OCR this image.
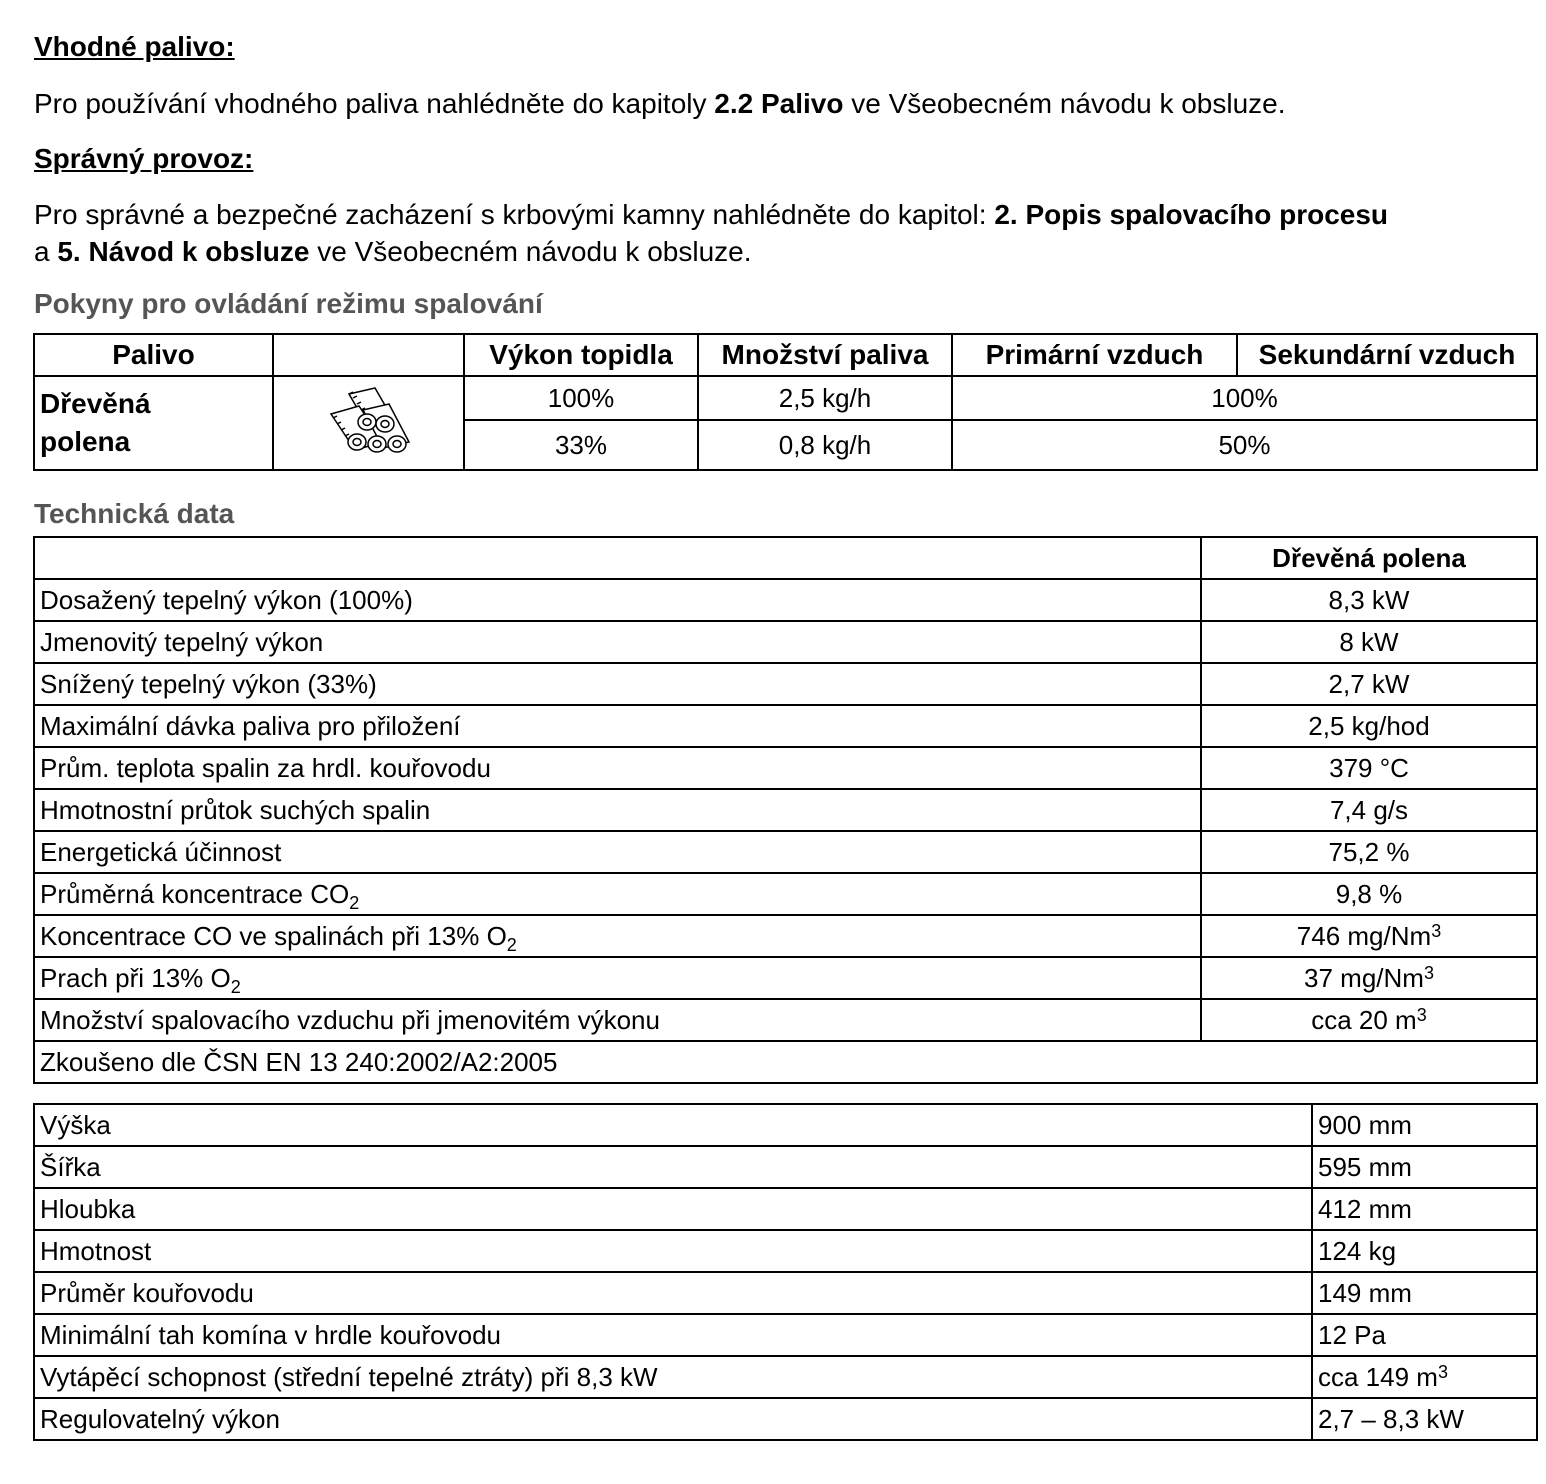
Vhodné palivo:
Pro používání vhodného paliva nahlédněte do kapitoly 2.2 Palivo ve Všeobecném návodu k obsluze.
Správný provoz:
Pro správné a bezpečné zacházení s krbovými kamny nahlédněte do kapitol: 2. Popis spalovacího procesu
a 5. Návod k obsluze ve Všeobecném návodu k obsluze.
Pokyny pro ovládání režimu spalování
Palivo		Výkon topidla	Množství paliva	Primární vzduch	Sekundární vzduch
Dřevěná
polena		100%	2,5 kg/h	100%	
		33%	0,8 kg/h	50%	
Technická data
	Dřevěná polena
Dosažený tepelný výkon (100%)	8,3 kW
Jmenovitý tepelný výkon	8 kW
Snížený tepelný výkon (33%)	2,7 kW
Maximální dávka paliva pro přiložení	2,5 kg/hod
Prům. teplota spalin za hrdl. kouřovodu	379 °C
Hmotnostní průtok suchých spalin	7,4 g/s
Energetická účinnost	75,2 %
Průměrná koncentrace $CO_2$	9,8 %
Koncentrace CO ve spalinách při 13% $O_2$	746 mg/Nm$^3$
Prach při 13% $O_2$	37 mg/Nm$^3$
Množství spalovacího vzduchu při jmenovitém výkonu	cca 20 $m^3$
Zkoušeno dle ČSN EN 13 240:2002/A2:2005	
Výška	900 mm
Šířka	595 mm
Hloubka	412 mm
Hmotnost	124 kg
Průměr kouřovodu	149 mm
Minimální tah komína v hrdle kouřovodu	12 Pa
Vytápěcí schopnost (střední tepelné ztráty) při 8,3 kW	cca 149 $m^3$
Regulovatelný výkon	2,7 – 8,3 kW
